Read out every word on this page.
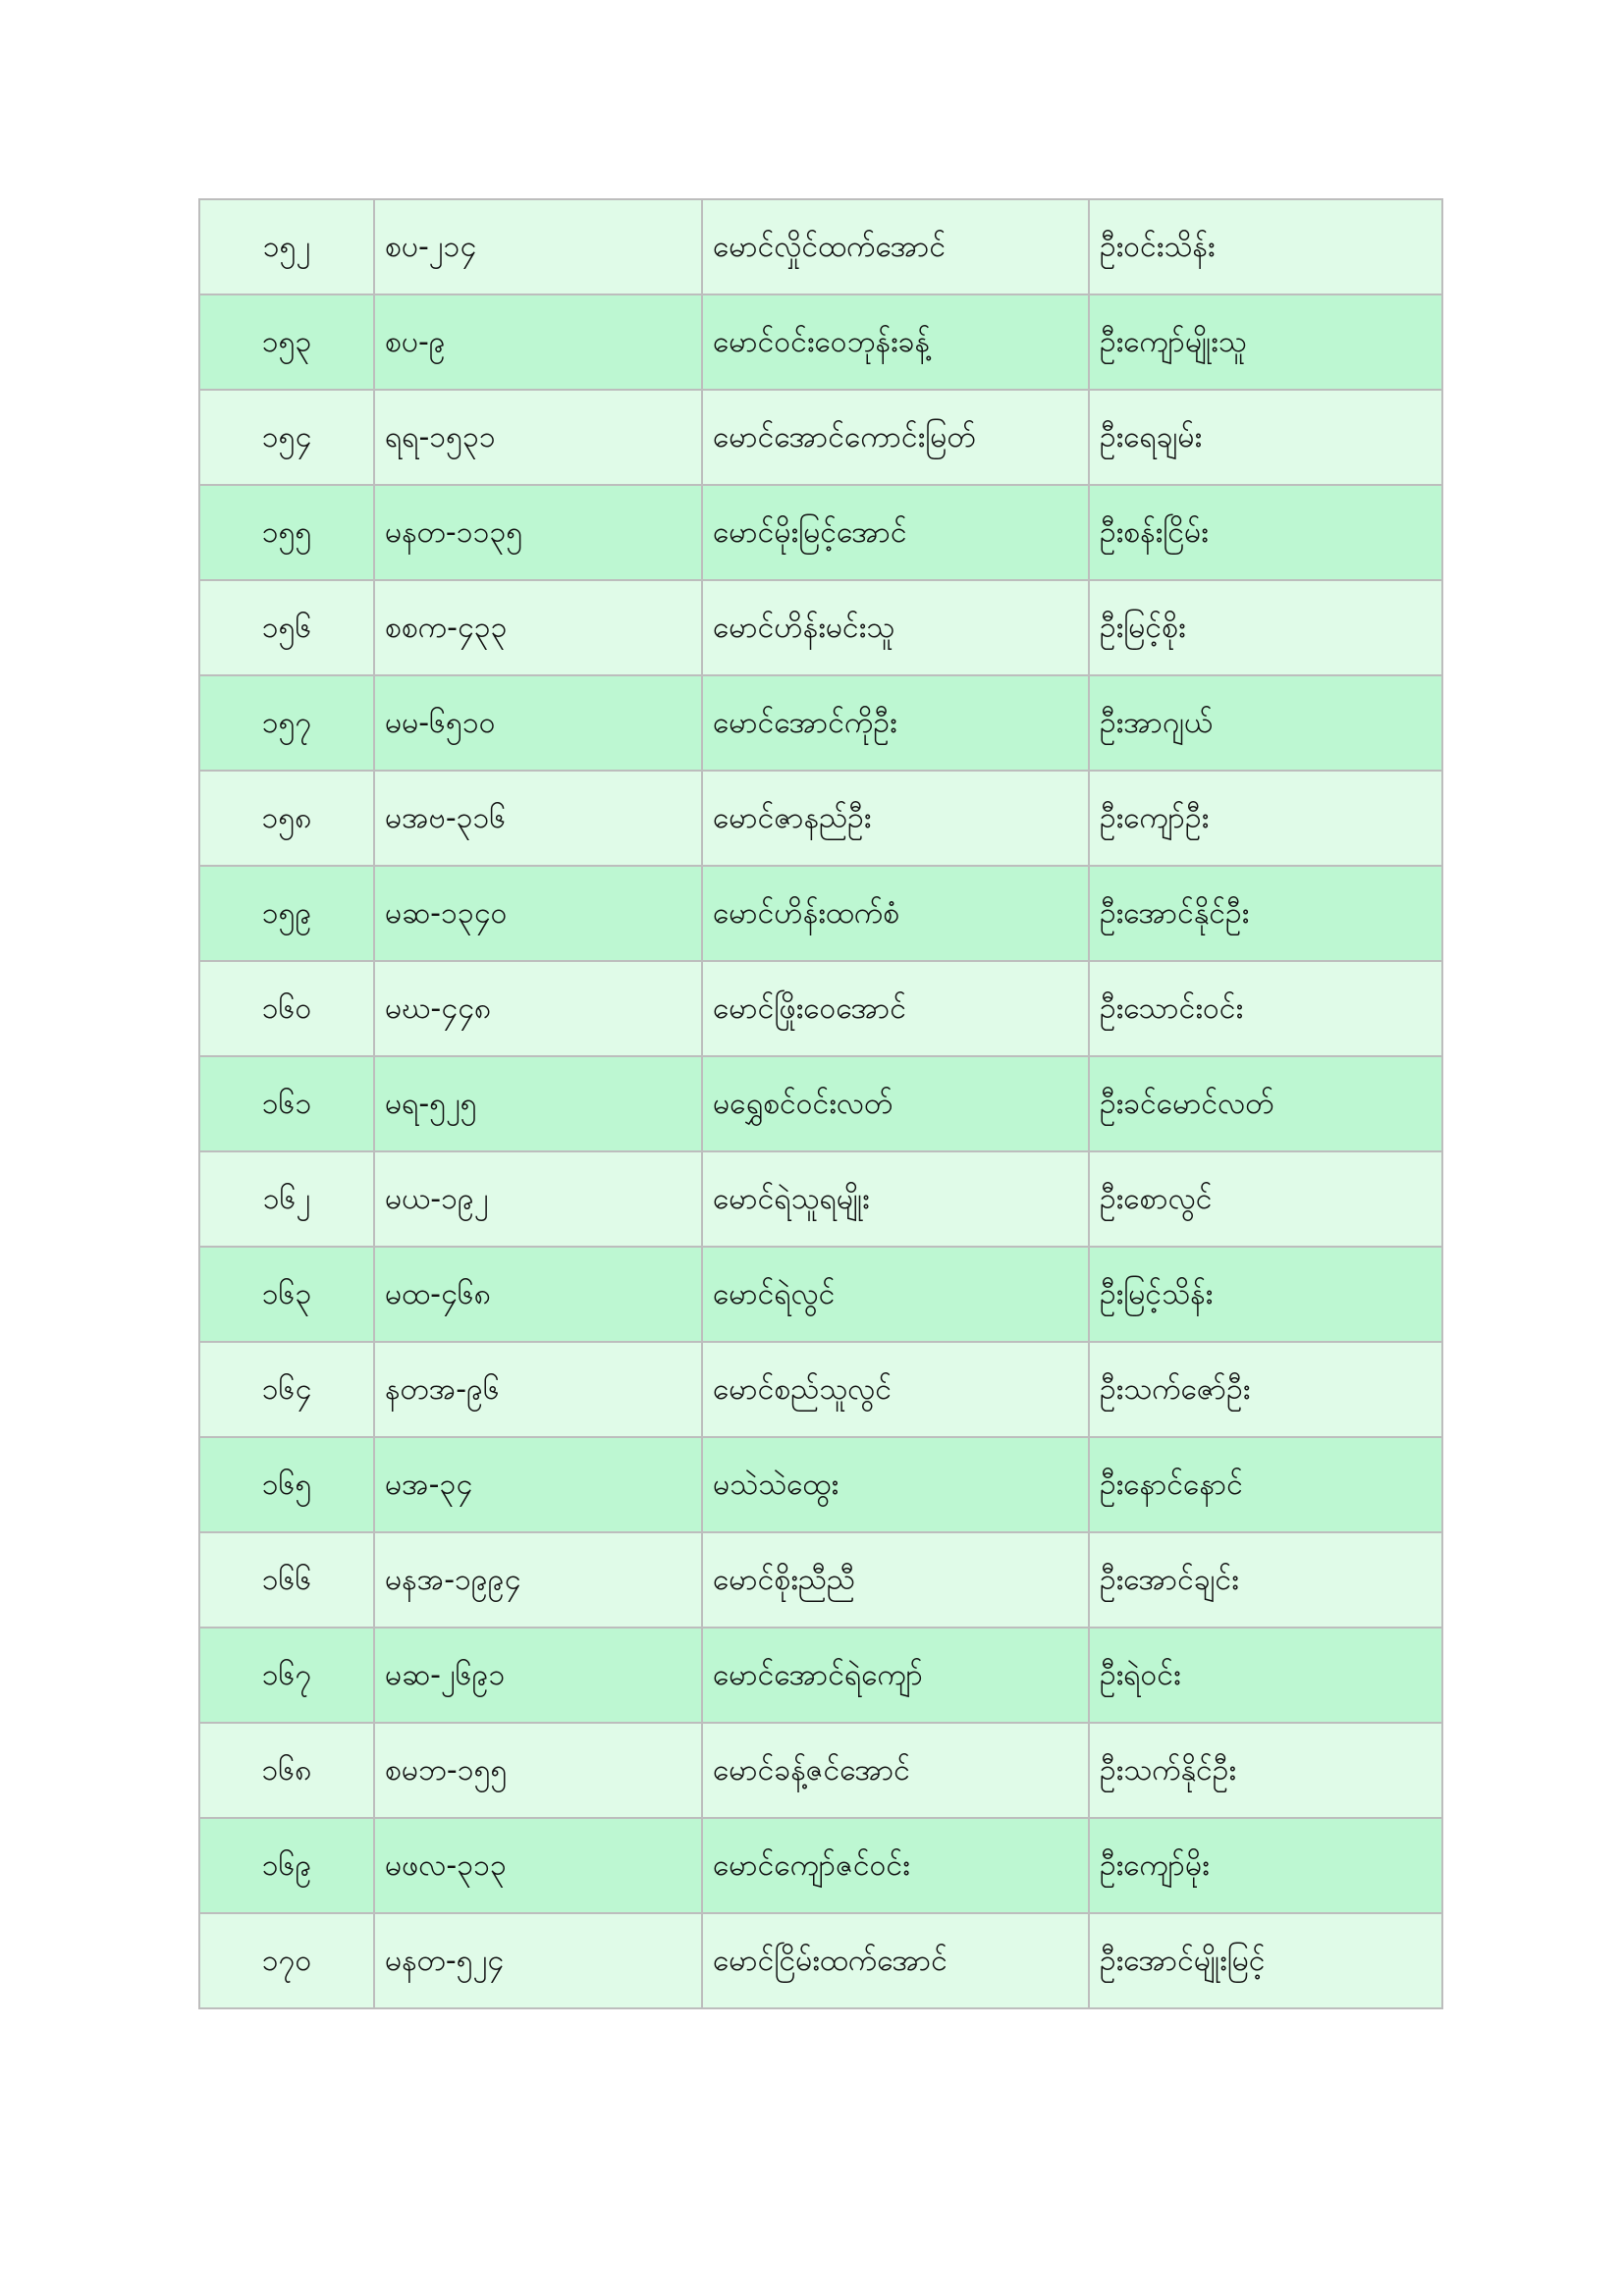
၁၅၂	စပ-၂၁၄	မောင်လှိုင်ထက်အောင်	ဦးဝင်းသိန်း
၁၅၃	စပ-၉	မောင်ဝင်းဝေဘုန်းခန့်	ဦးကျော်မျိုးသူ
၁၅၄	ရရ-၁၅၃၁	မောင်အောင်ကောင်းမြတ်	ဦးရေချမ်း
၁၅၅	မနတ-၁၁၃၅	မောင်မိုးမြင့်အောင်	ဦးစန်းငြိမ်း
၁၅၆	စစက-၄၃၃	မောင်ဟိန်းမင်းသူ	ဦးမြင့်စိုး
၁၅၇	မမ-၆၅၁၀	မောင်အောင်ကိုဦး	ဦးအာဂျယ်
၁၅၈	မအဗ-၃၁၆	မောင်ဇာနည်ဦး	ဦးကျော်ဦး
၁၅၉	မဆ-၁၃၄၀	မောင်ဟိန်းထက်စံ	ဦးအောင်နိုင်ဦး
၁၆၀	မဃ-၄၄၈	မောင်ဖြိုးဝေအောင်	ဦးသောင်းဝင်း
၁၆၁	မရ-၅၂၅	မရွှေစင်ဝင်းလတ်	ဦးခင်မောင်လတ်
၁၆၂	မယ-၁၉၂	မောင်ရဲသူရမျိုး	ဦးစောလွင်
၁၆၃	မထ-၄၆၈	မောင်ရဲလွင်	ဦးမြင့်သိန်း
၁၆၄	နတအ-၉၆	မောင်စည်သူလွင်	ဦးသက်ဇော်ဦး
၁၆၅	မအ-၃၄	မသဲသဲထွေး	ဦးနောင်နောင်
၁၆၆	မနအ-၁၉၉၄	မောင်စိုးညီညီ	ဦးအောင်ချင်း
၁၆၇	မဆ-၂၆၉၁	မောင်အောင်ရဲကျော်	ဦးရဲဝင်း
၁၆၈	စမဘ-၁၅၅	မောင်ခန့်ဇင်အောင်	ဦးသက်နိုင်ဦး
၁၆၉	မဖလ-၃၁၃	မောင်ကျော်ဇင်ဝင်း	ဦးကျော်မိုး
၁၇၀	မနတ-၅၂၄	မောင်ငြိမ်းထက်အောင်	ဦးအောင်မျိုးမြင့်
